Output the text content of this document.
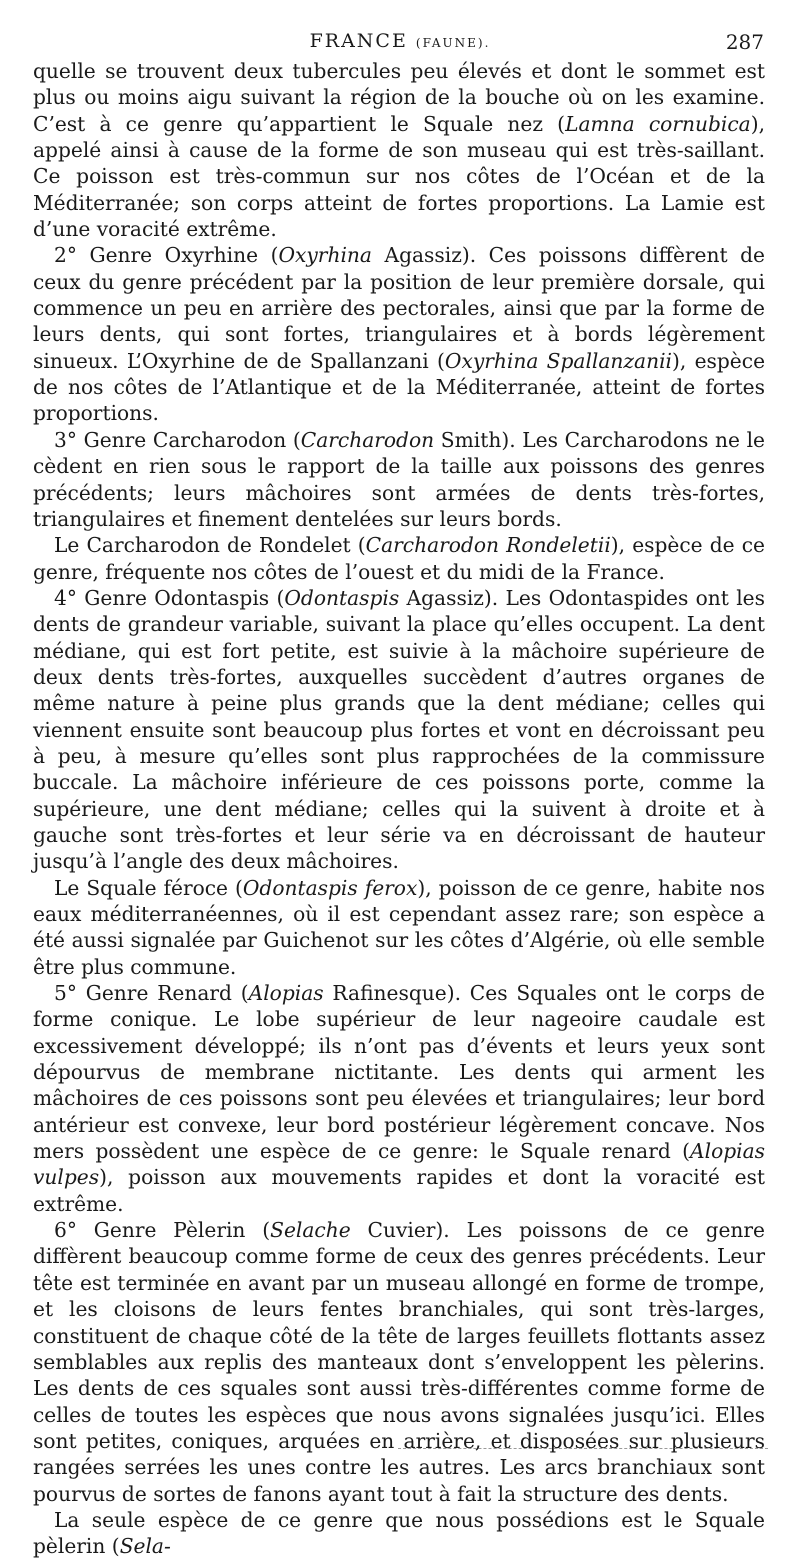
FRANCE (FAUNE).	287

quelle se trouvent deux tubercules peu élevés et dont le sommet est plus ou moins aigu suivant la région de la bouche où on les examine. C’est à ce genre qu’appartient le Squale nez (Lamna cornubica), appelé ainsi à cause de la forme de son museau qui est très-saillant. Ce poisson est très-commun sur nos côtes de l’Océan et de la Méditerranée; son corps atteint de fortes proportions. La Lamie est d’une voracité extrême.

2° Genre Oxyrhine (Oxyrhina Agassiz). Ces poissons diffèrent de ceux du genre précédent par la position de leur première dorsale, qui commence un peu en arrière des pectorales, ainsi que par la forme de leurs dents, qui sont fortes, triangulaires et à bords légèrement sinueux. L’Oxyrhine de de Spallanzani (Oxyrhina Spallanzanii), espèce de nos côtes de l’Atlantique et de la Méditerranée, atteint de fortes proportions.

3° Genre Carcharodon (Carcharodon Smith). Les Carcharodons ne le cèdent en rien sous le rapport de la taille aux poissons des genres précédents; leurs mâchoires sont armées de dents très-fortes, triangulaires et finement dentelées sur leurs bords.

Le Carcharodon de Rondelet (Carcharodon Rondeletii), espèce de ce genre, fréquente nos côtes de l’ouest et du midi de la France.

4° Genre Odontaspis (Odontaspis Agassiz). Les Odontaspides ont les dents de grandeur variable, suivant la place qu’elles occupent. La dent médiane, qui est fort petite, est suivie à la mâchoire supérieure de deux dents très-fortes, auxquelles succèdent d’autres organes de même nature à peine plus grands que la dent médiane; celles qui viennent ensuite sont beaucoup plus fortes et vont en décroissant peu à peu, à mesure qu’elles sont plus rapprochées de la commissure buccale. La mâchoire inférieure de ces poissons porte, comme la supérieure, une dent médiane; celles qui la suivent à droite et à gauche sont très-fortes et leur série va en décroissant de hauteur jusqu’à l’angle des deux mâchoires.

Le Squale féroce (Odontaspis ferox), poisson de ce genre, habite nos eaux méditerranéennes, où il est cependant assez rare; son espèce a été aussi signalée par Guichenot sur les côtes d’Algérie, où elle semble être plus commune.

5° Genre Renard (Alopias Rafinesque). Ces Squales ont le corps de forme conique. Le lobe supérieur de leur nageoire caudale est excessivement développé; ils n’ont pas d’évents et leurs yeux sont dépourvus de membrane nictitante. Les dents qui arment les mâchoires de ces poissons sont peu élevées et triangulaires; leur bord antérieur est convexe, leur bord postérieur légèrement concave. Nos mers possèdent une espèce de ce genre: le Squale renard (Alopias vulpes), poisson aux mouvements rapides et dont la voracité est extrême.

6° Genre Pèlerin (Selache Cuvier). Les poissons de ce genre diffèrent beaucoup comme forme de ceux des genres précédents. Leur tête est terminée en avant par un museau allongé en forme de trompe, et les cloisons de leurs fentes branchiales, qui sont très-larges, constituent de chaque côté de la tête de larges feuillets flottants assez semblables aux replis des manteaux dont s’enveloppent les pèlerins. Les dents de ces squales sont aussi très-différentes comme forme de celles de toutes les espèces que nous avons signalées jusqu’ici. Elles sont petites, coniques, arquées en arrière, et disposées sur plusieurs rangées serrées les unes contre les autres. Les arcs branchiaux sont pourvus de sortes de fanons ayant tout à fait la structure des dents.

La seule espèce de ce genre que nous possédions est le Squale pèlerin (Sela-
